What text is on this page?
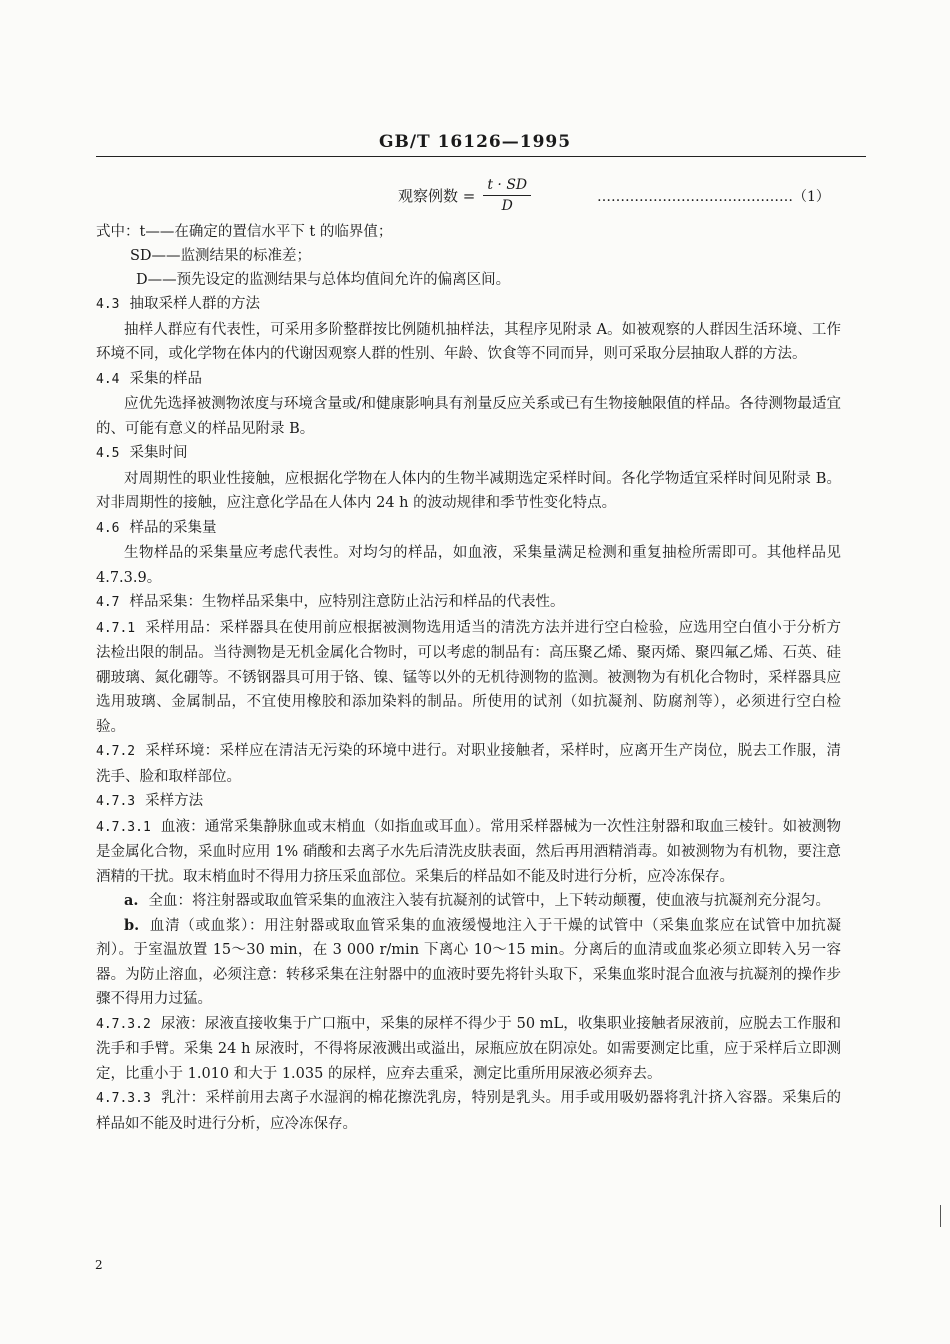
GB/T 16126—1995
观察例数 = $\frac{t \cdot SD}{D}$	……………………………………（1）
式中：t——在确定的置信水平下 t 的临界值；
SD——监测结果的标准差；
D——预先设定的监测结果与总体均值间允许的偏离区间。
4.3 抽取采样人群的方法

抽样人群应有代表性，可采用多阶整群按比例随机抽样法，其程序见附录 A。如被观察的人群因生活环境、工作环境不同，或化学物在体内的代谢因观察人群的性别、年龄、饮食等不同而异，则可采取分层抽取人群的方法。

4.4 采集的样品

应优先选择被测物浓度与环境含量或/和健康影响具有剂量反应关系或已有生物接触限值的样品。各待测物最适宜的、可能有意义的样品见附录 B。

4.5 采集时间

对周期性的职业性接触，应根据化学物在人体内的生物半减期选定采样时间。各化学物适宜采样时间见附录 B。对非周期性的接触，应注意化学品在人体内 24 h 的波动规律和季节性变化特点。

4.6 样品的采集量

生物样品的采集量应考虑代表性。对均匀的样品，如血液，采集量满足检测和重复抽检所需即可。其他样品见 4.7.3.9。

4.7 样品采集：生物样品采集中，应特别注意防止沾污和样品的代表性。

4.7.1 采样用品：采样器具在使用前应根据被测物选用适当的清洗方法并进行空白检验，应选用空白值小于分析方法检出限的制品。当待测物是无机金属化合物时，可以考虑的制品有：高压聚乙烯、聚丙烯、聚四氟乙烯、石英、硅硼玻璃、氮化硼等。不锈钢器具可用于铬、镍、锰等以外的无机待测物的监测。被测物为有机化合物时，采样器具应选用玻璃、金属制品，不宜使用橡胶和添加染料的制品。所使用的试剂（如抗凝剂、防腐剂等），必须进行空白检验。

4.7.2 采样环境：采样应在清洁无污染的环境中进行。对职业接触者，采样时，应离开生产岗位，脱去工作服，清洗手、脸和取样部位。

4.7.3 采样方法

4.7.3.1 血液：通常采集静脉血或末梢血（如指血或耳血）。常用采样器械为一次性注射器和取血三棱针。如被测物是金属化合物，采血时应用 1% 硝酸和去离子水先后清洗皮肤表面，然后再用酒精消毒。如被测物为有机物，要注意酒精的干扰。取末梢血时不得用力挤压采血部位。采集后的样品如不能及时进行分析，应冷冻保存。

a. 全血：将注射器或取血管采集的血液注入装有抗凝剂的试管中，上下转动颠覆，使血液与抗凝剂充分混匀。

b. 血清（或血浆）：用注射器或取血管采集的血液缓慢地注入于干燥的试管中（采集血浆应在试管中加抗凝剂）。于室温放置 15～30 min，在 3 000 r/min 下离心 10～15 min。分离后的血清或血浆必须立即转入另一容器。为防止溶血，必须注意：转移采集在注射器中的血液时要先将针头取下，采集血浆时混合血液与抗凝剂的操作步骤不得用力过猛。

4.7.3.2 尿液：尿液直接收集于广口瓶中，采集的尿样不得少于 50 mL，收集职业接触者尿液前，应脱去工作服和洗手和手臂。采集 24 h 尿液时，不得将尿液溅出或溢出，尿瓶应放在阴凉处。如需要测定比重，应于采样后立即测定，比重小于 1.010 和大于 1.035 的尿样，应弃去重采，测定比重所用尿液必须弃去。

4.7.3.3 乳汁：采样前用去离子水湿润的棉花擦洗乳房，特别是乳头。用手或用吸奶器将乳汁挤入容器。采集后的样品如不能及时进行分析，应冷冻保存。

2
